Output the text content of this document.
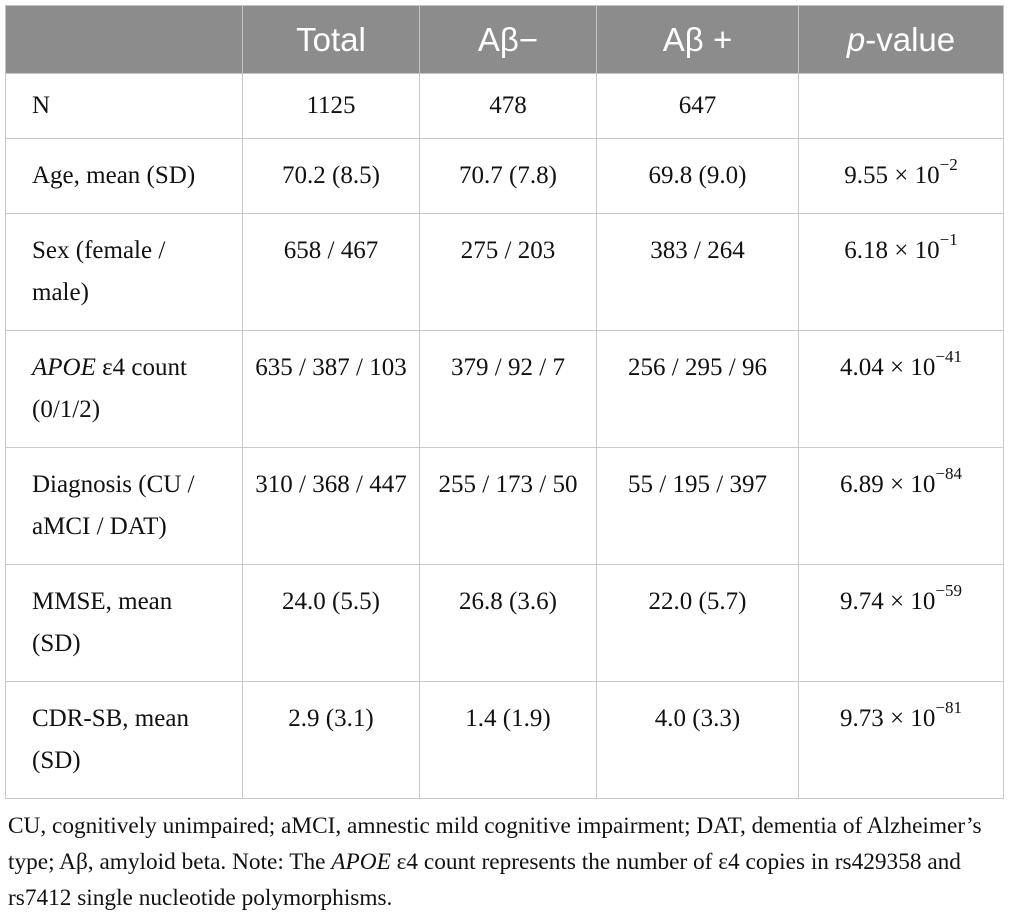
	Total	Aβ−	Aβ +	p-value
N	1125	478	647	
Age, mean (SD)	70.2 (8.5)	70.7 (7.8)	69.8 (9.0)	$9.55 \times 10^{-2}$
Sex (female / male)	658 / 467	275 / 203	383 / 264	$6.18 \times 10^{-1}$
APOE ε4 count (0/1/2)	635 / 387 / 103	379 / 92 / 7	256 / 295 / 96	$4.04 \times 10^{-41}$
Diagnosis (CU / aMCI / DAT)	310 / 368 / 447	255 / 173 / 50	55 / 195 / 397	$6.89 \times 10^{-84}$
MMSE, mean (SD)	24.0 (5.5)	26.8 (3.6)	22.0 (5.7)	$9.74 \times 10^{-59}$
CDR-SB, mean (SD)	2.9 (3.1)	1.4 (1.9)	4.0 (3.3)	$9.73 \times 10^{-81}$

CU, cognitively unimpaired; aMCI, amnestic mild cognitive impairment; DAT, dementia of Alzheimer’s type; Aβ, amyloid beta. Note: The APOE ε4 count represents the number of ε4 copies in rs429358 and rs7412 single nucleotide polymorphisms.
